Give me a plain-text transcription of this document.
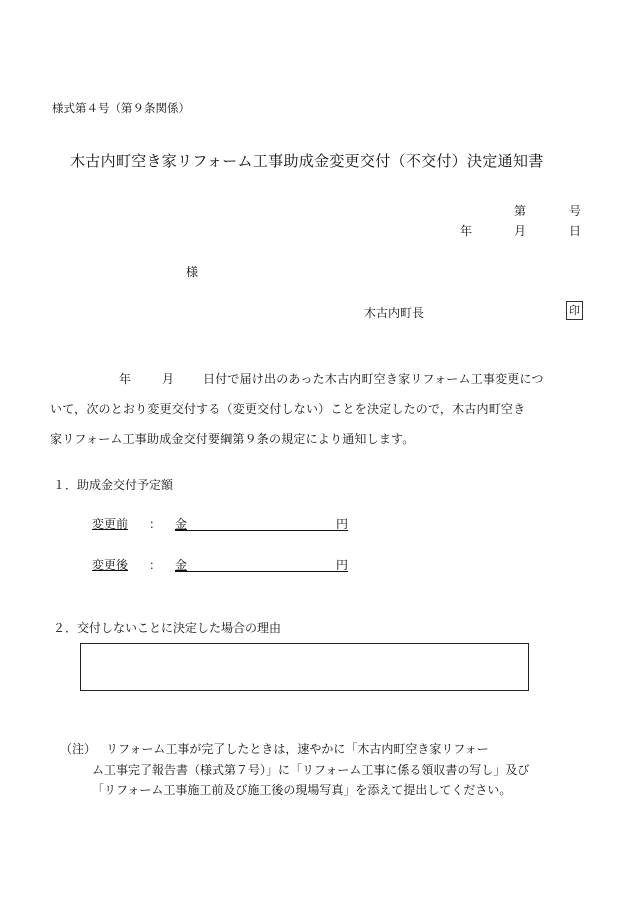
様式第４号（第９条関係）
木古内町空き家リフォーム工事助成金変更交付（不交付）決定通知書
第	号
年	月	日
様
木古内町長	印
年	月 日付で届け出のあった木古内町空き家リフォーム工事変更につ
いて，次のとおり変更交付する（変更交付しない）ことを決定したので，木古内町空き
家リフォーム工事助成金交付要綱第９条の規定により通知します。
１．助成金交付予定額
変更前 ： 金	円
変更後 ： 金	円
２．交付しないことに決定した場合の理由
（注） リフォーム工事が完了したときは，速やかに「木古内町空き家リフォー
ム工事完了報告書（様式第７号）」に「リフォーム工事に係る領収書の写し」及び
「リフォーム工事施工前及び施工後の現場写真」を添えて提出してください。
